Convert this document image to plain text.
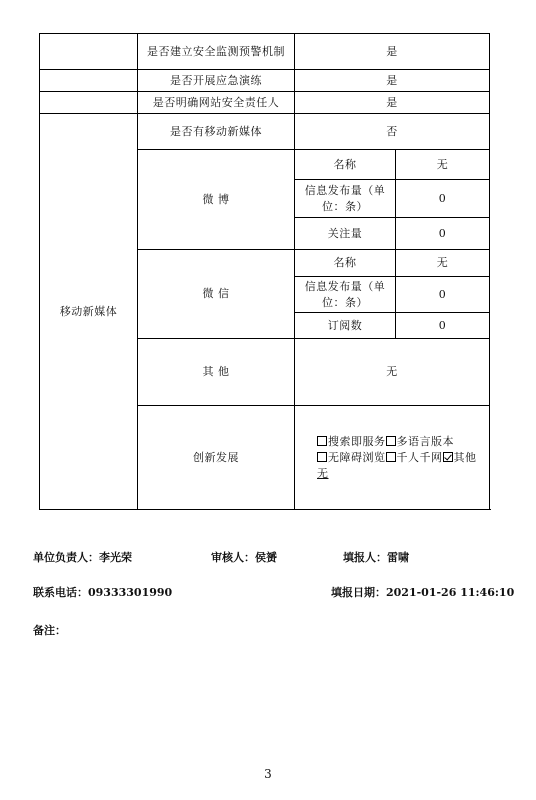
	是否建立安全监测预警机制	是	
	是否开展应急演练	是	
	是否明确网站安全责任人	是	
移动新媒体	是否有移动新媒体	否	
	微 博	名称	无
		信息发布量（单位：条）	0
		关注量	0
	微 信	名称	无
		信息发布量（单位：条）	0
		订阅数	0
	其 他	无	
	创新发展	搜索即服务 多语言版本无障碍浏览 千人千网 其他
无	
单位负责人：李光荣	审核人：侯赟	填报人：雷啸
联系电话：09333301990	填报日期：2021-01-26 11:46:10
备注：
3
